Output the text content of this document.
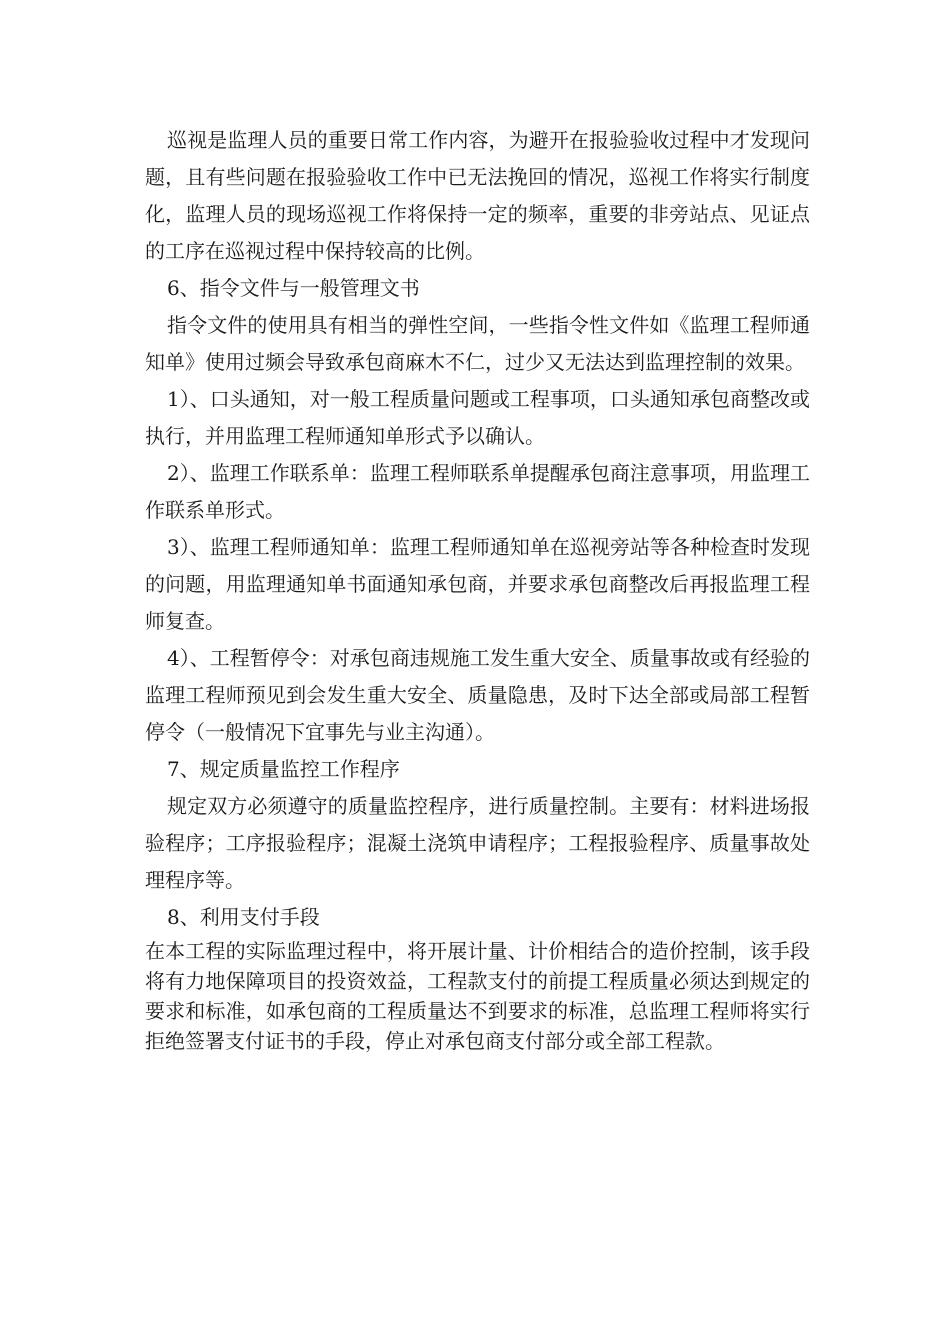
巡视是监理人员的重要日常工作内容，为避开在报验验收过程中才发现问题，且有些问题在报验验收工作中已无法挽回的情况，巡视工作将实行制度化，监理人员的现场巡视工作将保持一定的频率，重要的非旁站点、见证点的工序在巡视过程中保持较高的比例。

6、指令文件与一般管理文书

指令文件的使用具有相当的弹性空间，一些指令性文件如《监理工程师通知单》使用过频会导致承包商麻木不仁，过少又无法达到监理控制的效果。

1）、口头通知，对一般工程质量问题或工程事项，口头通知承包商整改或执行，并用监理工程师通知单形式予以确认。

2）、监理工作联系单：监理工程师联系单提醒承包商注意事项，用监理工作联系单形式。

3）、监理工程师通知单：监理工程师通知单在巡视旁站等各种检查时发现的问题，用监理通知单书面通知承包商，并要求承包商整改后再报监理工程师复查。

4）、工程暂停令：对承包商违规施工发生重大安全、质量事故或有经验的监理工程师预见到会发生重大安全、质量隐患，及时下达全部或局部工程暂停令（一般情况下宜事先与业主沟通）。

7、规定质量监控工作程序

规定双方必须遵守的质量监控程序，进行质量控制。主要有：材料进场报验程序；工序报验程序；混凝土浇筑申请程序；工程报验程序、质量事故处理程序等。

8、利用支付手段

在本工程的实际监理过程中，将开展计量、计价相结合的造价控制，该手段将有力地保障项目的投资效益，工程款支付的前提工程质量必须达到规定的要求和标准，如承包商的工程质量达不到要求的标准，总监理工程师将实行拒绝签署支付证书的手段，停止对承包商支付部分或全部工程款。
